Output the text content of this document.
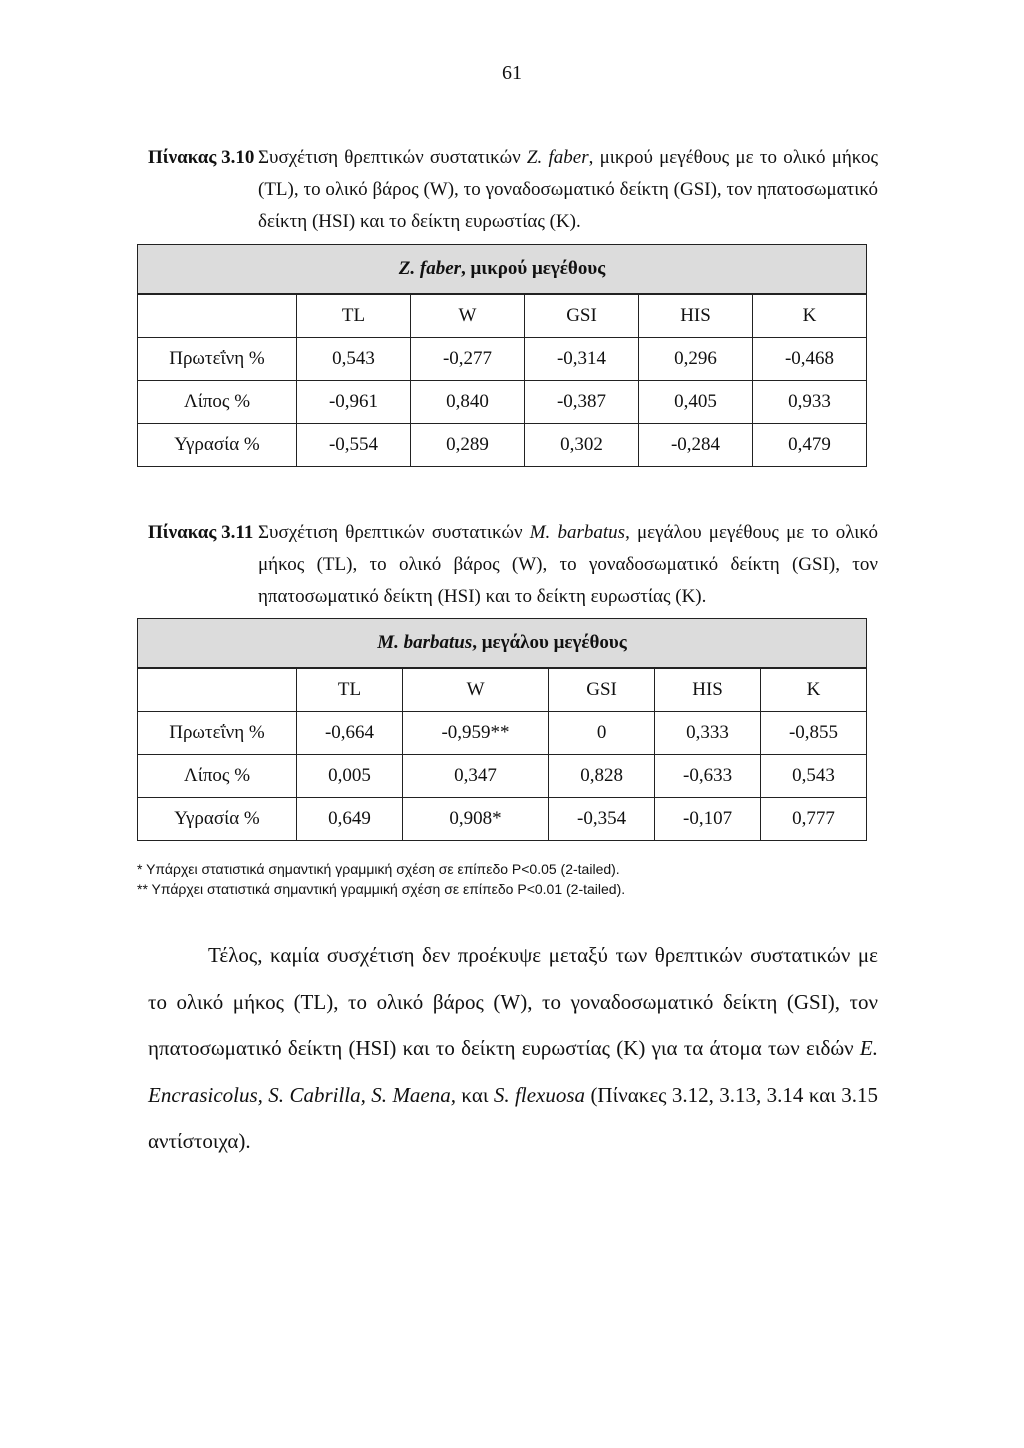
61
Πίνακας 3.10 Συσχέτιση θρεπτικών συστατικών Z. faber, μικρού μεγέθους με το ολικό μήκος (TL), το ολικό βάρος (W), το γοναδοσωματικό δείκτη (GSI), τον ηπατοσωματικό δείκτη (HSI) και το δείκτη ευρωστίας (K).
Z. faber, μικρού μεγέθους					
	TL	W	GSI	HIS	K
Πρωτεΐνη %	0,543	-0,277	-0,314	0,296	-0,468
Λίπος %	-0,961	0,840	-0,387	0,405	0,933
Υγρασία %	-0,554	0,289	0,302	-0,284	0,479
Πίνακας 3.11 Συσχέτιση θρεπτικών συστατικών M. barbatus, μεγάλου μεγέθους με το ολικό μήκος (TL), το ολικό βάρος (W), το γοναδοσωματικό δείκτη (GSI), τον ηπατοσωματικό δείκτη (HSI) και το δείκτη ευρωστίας (K).
M. barbatus, μεγάλου μεγέθους					
	TL	W	GSI	HIS	K
Πρωτεΐνη %	-0,664	-0,959**	0	0,333	-0,855
Λίπος %	0,005	0,347	0,828	-0,633	0,543
Υγρασία %	0,649	0,908*	-0,354	-0,107	0,777
* Υπάρχει στατιστικά σημαντική γραμμική σχέση σε επίπεδο P<0.05 (2-tailed).
** Υπάρχει στατιστικά σημαντική γραμμική σχέση σε επίπεδο P<0.01 (2-tailed).
Τέλος, καμία συσχέτιση δεν προέκυψε μεταξύ των θρεπτικών συστατικών με το ολικό μήκος (TL), το ολικό βάρος (W), το γοναδοσωματικό δείκτη (GSI), τον ηπατοσωματικό δείκτη (HSI) και το δείκτη ευρωστίας (K) για τα άτομα των ειδών E. Encrasicolus, S. Cabrilla, S. Maena, και S. flexuosa (Πίνακες 3.12, 3.13, 3.14 και 3.15 αντίστοιχα).
